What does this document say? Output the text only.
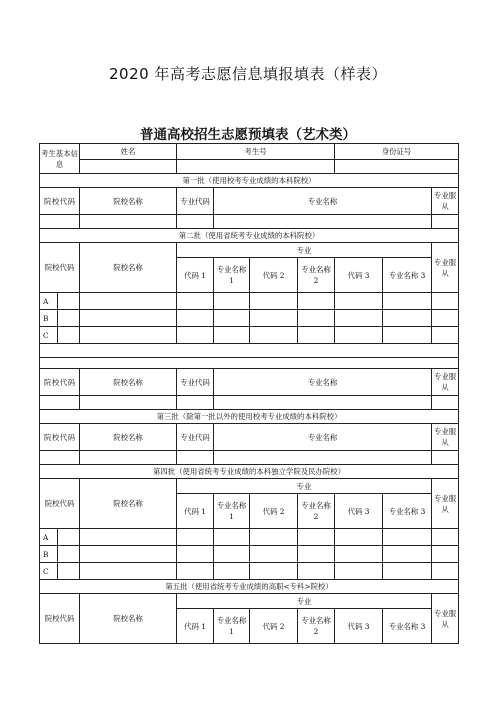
2020 年高考志愿信息填报填表（样表）
普通高校招生志愿预填表（艺术类）
考生基本信息		姓名	考生号				身份证号		

第一批（使用校考专业成绩的本科院校）									
院校代码		院校名称	专业代码	专业名称					专业服从

第二批（使用省统考专业成绩的本科院校）									
院校代码		院校名称	专业						专业服从
			代码 1	专业名称 1	代码 2	专业名称 2	代码 3	专业名称 3	
A									
B									
C									

院校代码		院校名称	专业代码	专业名称					专业服从

第三批（除第一批以外的使用校考专业成绩的本科院校）									
院校代码		院校名称	专业代码	专业名称					专业服从

第四批（使用省统考专业成绩的本科独立学院及民办院校）									
院校代码		院校名称	专业						专业服从
			代码 1	专业名称 1	代码 2	专业名称 2	代码 3	专业名称 3	
A									
B									
C									
第五批（使用省统考专业成绩的高职<专科>院校）									
院校代码		院校名称	专业						专业服从
			代码 1	专业名称 1	代码 2	专业名称 2	代码 3	专业名称 3	
